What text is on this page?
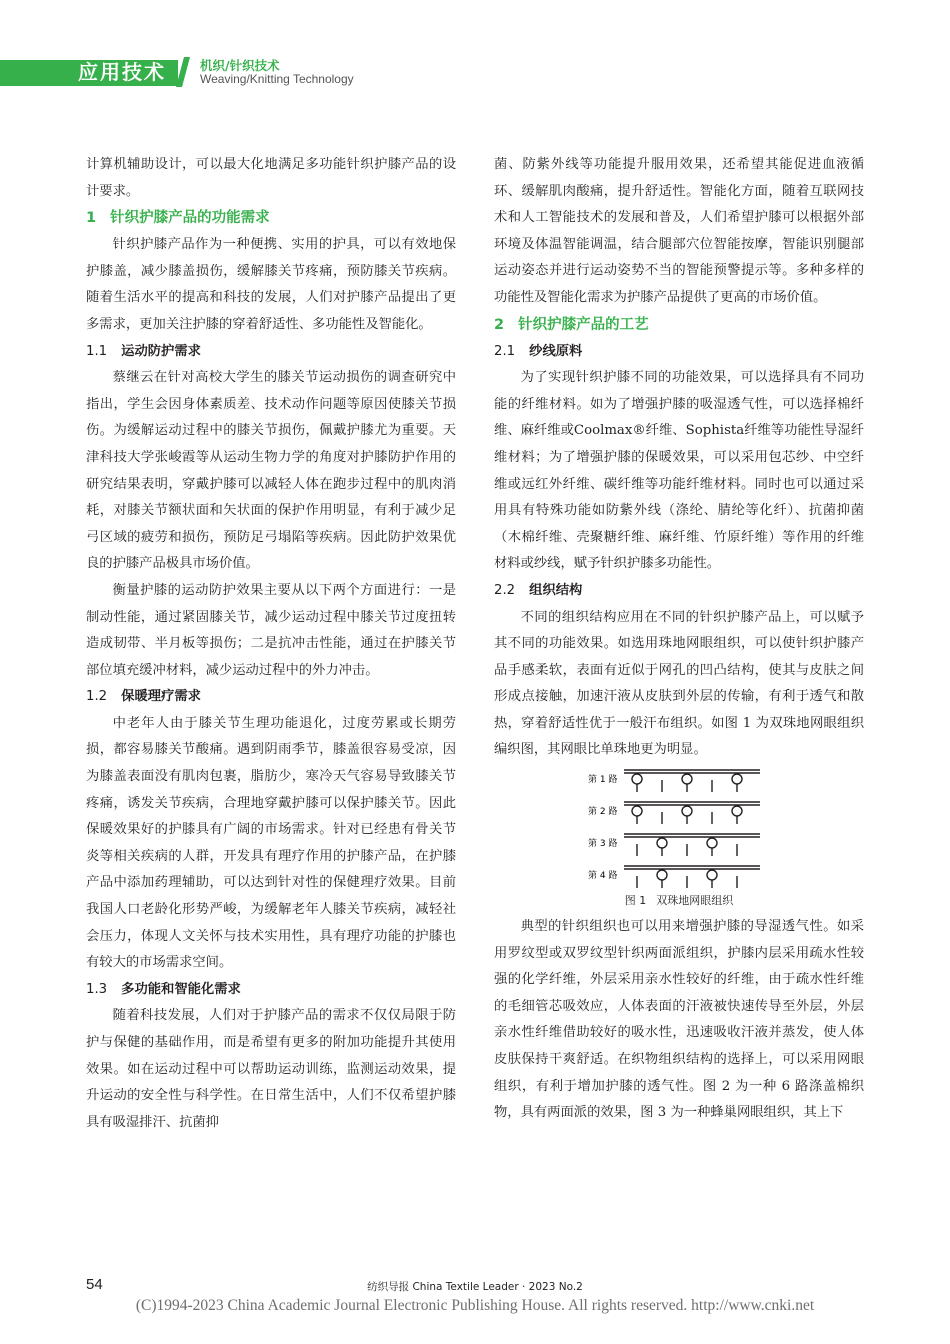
应用技术	机织/针织技术
Weaving/Knitting Technology

计算机辅助设计，可以最大化地满足多功能针织护膝产品的设计要求。

1 针织护膝产品的功能需求

针织护膝产品作为一种便携、实用的护具，可以有效地保护膝盖，减少膝盖损伤，缓解膝关节疼痛，预防膝关节疾病。随着生活水平的提高和科技的发展，人们对护膝产品提出了更多需求，更加关注护膝的穿着舒适性、多功能性及智能化。

1.1 运动防护需求

蔡继云在针对高校大学生的膝关节运动损伤的调查研究中指出，学生会因身体素质差、技术动作问题等原因使膝关节损伤。为缓解运动过程中的膝关节损伤，佩戴护膝尤为重要。天津科技大学张峻霞等从运动生物力学的角度对护膝防护作用的研究结果表明，穿戴护膝可以减轻人体在跑步过程中的肌肉消耗，对膝关节额状面和矢状面的保护作用明显，有利于减少足弓区域的疲劳和损伤，预防足弓塌陷等疾病。因此防护效果优良的护膝产品极具市场价值。

衡量护膝的运动防护效果主要从以下两个方面进行：一是制动性能，通过紧固膝关节，减少运动过程中膝关节过度扭转造成韧带、半月板等损伤；二是抗冲击性能，通过在护膝关节部位填充缓冲材料，减少运动过程中的外力冲击。

1.2 保暖理疗需求

中老年人由于膝关节生理功能退化，过度劳累或长期劳损，都容易膝关节酸痛。遇到阴雨季节，膝盖很容易受凉，因为膝盖表面没有肌肉包裹，脂肪少，寒冷天气容易导致膝关节疼痛，诱发关节疾病，合理地穿戴护膝可以保护膝关节。因此保暖效果好的护膝具有广阔的市场需求。针对已经患有骨关节炎等相关疾病的人群，开发具有理疗作用的护膝产品，在护膝产品中添加药理辅助，可以达到针对性的保健理疗效果。目前我国人口老龄化形势严峻，为缓解老年人膝关节疾病，减轻社会压力，体现人文关怀与技术实用性，具有理疗功能的护膝也有较大的市场需求空间。

1.3 多功能和智能化需求

随着科技发展，人们对于护膝产品的需求不仅仅局限于防护与保健的基础作用，而是希望有更多的附加功能提升其使用效果。如在运动过程中可以帮助运动训练，监测运动效果，提升运动的安全性与科学性。在日常生活中，人们不仅希望护膝具有吸湿排汗、抗菌抑

菌、防紫外线等功能提升服用效果，还希望其能促进血液循环、缓解肌肉酸痛，提升舒适性。智能化方面，随着互联网技术和人工智能技术的发展和普及，人们希望护膝可以根据外部环境及体温智能调温，结合腿部穴位智能按摩，智能识别腿部运动姿态并进行运动姿势不当的智能预警提示等。多种多样的功能性及智能化需求为护膝产品提供了更高的市场价值。

2 针织护膝产品的工艺
2.1 纱线原料

为了实现针织护膝不同的功能效果，可以选择具有不同功能的纤维材料。如为了增强护膝的吸湿透气性，可以选择棉纤维、麻纤维或Coolmax®纤维、Sophista纤维等功能性导湿纤维材料；为了增强护膝的保暖效果，可以采用包芯纱、中空纤维或远红外纤维、碳纤维等功能纤维材料。同时也可以通过采用具有特殊功能如防紫外线（涤纶、腈纶等化纤）、抗菌抑菌（木棉纤维、壳聚糖纤维、麻纤维、竹原纤维）等作用的纤维材料或纱线，赋予针织护膝多功能性。

2.2 组织结构

不同的组织结构应用在不同的针织护膝产品上，可以赋予其不同的功能效果。如选用珠地网眼组织，可以使针织护膝产品手感柔软，表面有近似于网孔的凹凸结构，使其与皮肤之间形成点接触，加速汗液从皮肤到外层的传输，有利于透气和散热，穿着舒适性优于一般汗布组织。如图 1 为双珠地网眼组织编织图，其网眼比单珠地更为明显。

第 1 路
第 2 路
第 3 路
第 4 路
图 1 双珠地网眼组织

典型的针织组织也可以用来增强护膝的导湿透气性。如采用罗纹型或双罗纹型针织两面派组织，护膝内层采用疏水性较强的化学纤维，外层采用亲水性较好的纤维，由于疏水性纤维的毛细管芯吸效应，人体表面的汗液被快速传导至外层，外层亲水性纤维借助较好的吸水性，迅速吸收汗液并蒸发，使人体皮肤保持干爽舒适。在织物组织结构的选择上，可以采用网眼组织，有利于增加护膝的透气性。图 2 为一种 6 路涤盖棉织物，具有两面派的效果，图 3 为一种蜂巢网眼组织，其上下

54	纺织导报 China Textile Leader · 2023 No.2
(C)1994-2023 China Academic Journal Electronic Publishing House. All rights reserved. http://www.cnki.net
